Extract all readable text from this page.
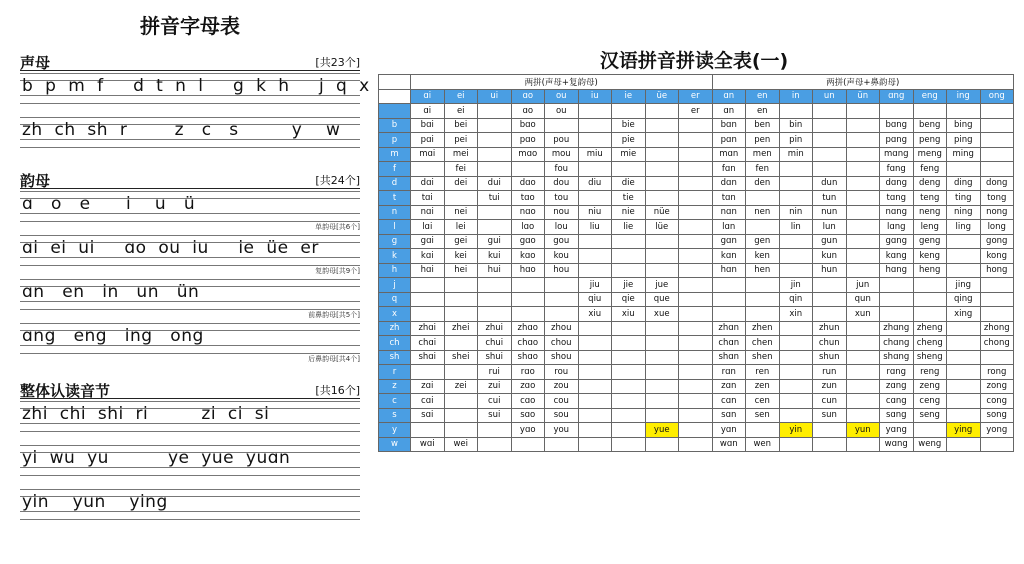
拼音字母表
声母	[共23个]
b  p  m  f     d  t  n  l     g  k  h     j  q  x
zh  ch  sh  r        z   c   s         y    w
韵母	[共24个]
ɑ   o   e      i    u   ü
单韵母[共6个]
ɑi  ei  ui     ɑo  ou  iu     ie  üe  er
复韵母[共9个]
ɑn   en   in   un   ün
前鼻韵母[共5个]
ɑng   eng   ing   ong
后鼻韵母[共4个]
整体认读音节	[共16个]
zhi  chi  shi  ri         zi  ci  si
yi  wu  yu          ye  yue  yuɑn
yin    yun    ying
汉语拼音拼读全表(一)
	两拼(声母+复韵母)									两拼(声母+鼻韵母)								
	ɑi	ei	ui	ɑo	ou	iu	ie	üe	er	ɑn	en	in	un	ün	ɑng	eng	ing	ong
	ɑi	ei		ɑo	ou				er	ɑn	en							
b	bɑi	bei		bɑo			bie			bɑn	ben	bin			bɑng	beng	bing	
p	pɑi	pei		pɑo	pou		pie			pɑn	pen	pin			pɑng	peng	ping	
m	mɑi	mei		mɑo	mou	miu	mie			mɑn	men	min			mɑng	meng	ming	
f		fei			fou					fɑn	fen				fɑng	feng		
d	dɑi	dei	dui	dɑo	dou	diu	die			dɑn	den		dun		dɑng	deng	ding	dong
t	tɑi		tui	tɑo	tou		tie			tɑn			tun		tɑng	teng	ting	tong
n	nɑi	nei		nɑo	nou	niu	nie	nüe		nɑn	nen	nin	nun		nɑng	neng	ning	nong
l	lɑi	lei		lɑo	lou	liu	lie	lüe		lɑn		lin	lun		lɑng	leng	ling	long
g	gɑi	gei	gui	gɑo	gou					gɑn	gen		gun		gɑng	geng		gong
k	kɑi	kei	kui	kɑo	kou					kɑn	ken		kun		kɑng	keng		kong
h	hɑi	hei	hui	hɑo	hou					hɑn	hen		hun		hɑng	heng		hong
j						jiu	jie	jue				jin		jun			jing	
q						qiu	qie	que				qin		qun			qing	
x						xiu	xiu	xue				xin		xun			xing	
zh	zhɑi	zhei	zhui	zhɑo	zhou					zhɑn	zhen		zhun		zhɑng	zheng		zhong
ch	chɑi		chui	chɑo	chou					chɑn	chen		chun		chɑng	cheng		chong
sh	shɑi	shei	shui	shɑo	shou					shɑn	shen		shun		shɑng	sheng		
r			rui	rɑo	rou					rɑn	ren		run		rɑng	reng		rong
z	zɑi	zei	zui	zɑo	zou					zɑn	zen		zun		zɑng	zeng		zong
c	cɑi		cui	cɑo	cou					cɑn	cen		cun		cɑng	ceng		cong
s	sɑi		sui	sɑo	sou					sɑn	sen		sun		sɑng	seng		song
y				yɑo	you			yue		yɑn		yin		yun	yɑng		ying	yong
w	wɑi	wei								wɑn	wen				wɑng	weng		
